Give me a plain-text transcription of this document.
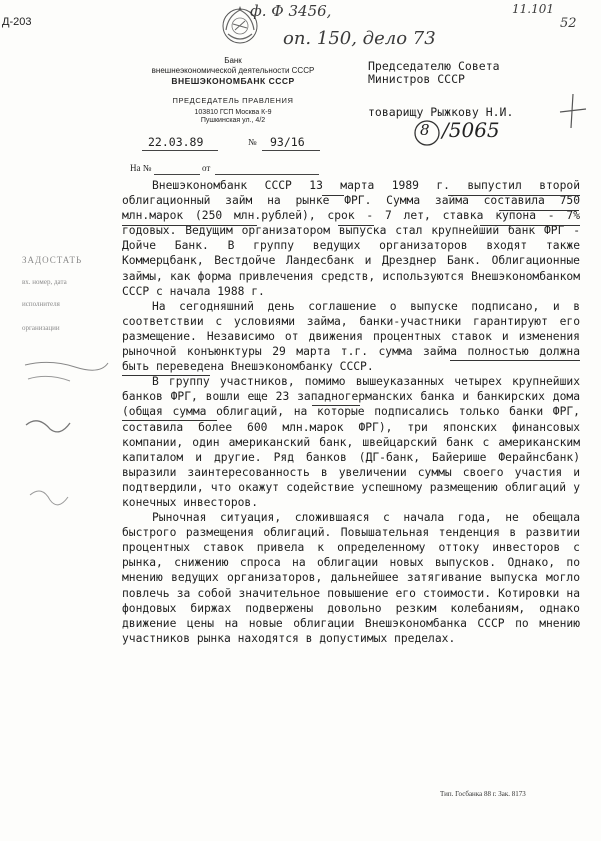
Д-203
ф. Ф 3456,	11.101
оп. 150, дело 73
52
Банк
внешнеэкономической деятельности СССР
ВНЕШЭКОНОМБАНК СССР
ПРЕДСЕДАТЕЛЬ ПРАВЛЕНИЯ
103810 ГСП Москва К-9
Пушкинская ул., 4/2
22.03.89	№ 93/16
На №	от
Председателю Совета
Министров СССР
товарищу Рыжкову Н.И.
8 /5065
ЗАДОСТАТЬ
вх. номер, дата
исполнителя
организации

Внешэкономбанк СССР 13 марта 1989 г. выпустил второй облигационный займ на рынке ФРГ. Сумма займа составила 750 млн.марок (250 млн.рублей), срок - 7 лет, ставка купона - 7% годовых. Ведущим организатором выпуска стал крупнейший банк ФРГ - Дойче Банк. В группу ведущих организаторов входят также Коммерцбанк, Вестдойче Ландесбанк и Дрезднер Банк. Облигационные займы, как форма привлечения средств, используются Внешэкономбанком СССР с начала 1988 г.

На сегодняшний день соглашение о выпуске подписано, и в соответствии с условиями займа, банки-участники гарантируют его размещение. Независимо от движения процентных ставок и изменения рыночной конъюнктуры 29 марта т.г. сумма займа полностью должна быть переведена Внешэкономбанку СССР.

В группу участников, помимо вышеуказанных четырех крупнейших банков ФРГ, вошли еще 23 западногерманских банка и банкирских дома (общая сумма облигаций, на которые подписались только банки ФРГ, составила более 600 млн.марок ФРГ), три японских финансовых компании, один американский банк, швейцарский банк с американским капиталом и другие. Ряд банков (ДГ-банк, Байерише Ферайнсбанк) выразили заинтересованность в увеличении суммы своего участия и подтвердили, что окажут содействие успешному размещению облигаций у конечных инвесторов.

Рыночная ситуация, сложившаяся с начала года, не обещала быстрого размещения облигаций. Повышательная тенденция в развитии процентных ставок привела к определенному оттоку инвесторов с рынка, снижению спроса на облигации новых выпусков. Однако, по мнению ведущих организаторов, дальнейшее затягивание выпуска могло повлечь за собой значительное повышение его стоимости. Котировки на фондовых биржах подвержены довольно резким колебаниям, однако движение цены на новые облигации Внешэкономбанка СССР по мнению участников рынка находятся в допустимых пределах.

Тип. Госбанка 88 г. Зак. 8173
